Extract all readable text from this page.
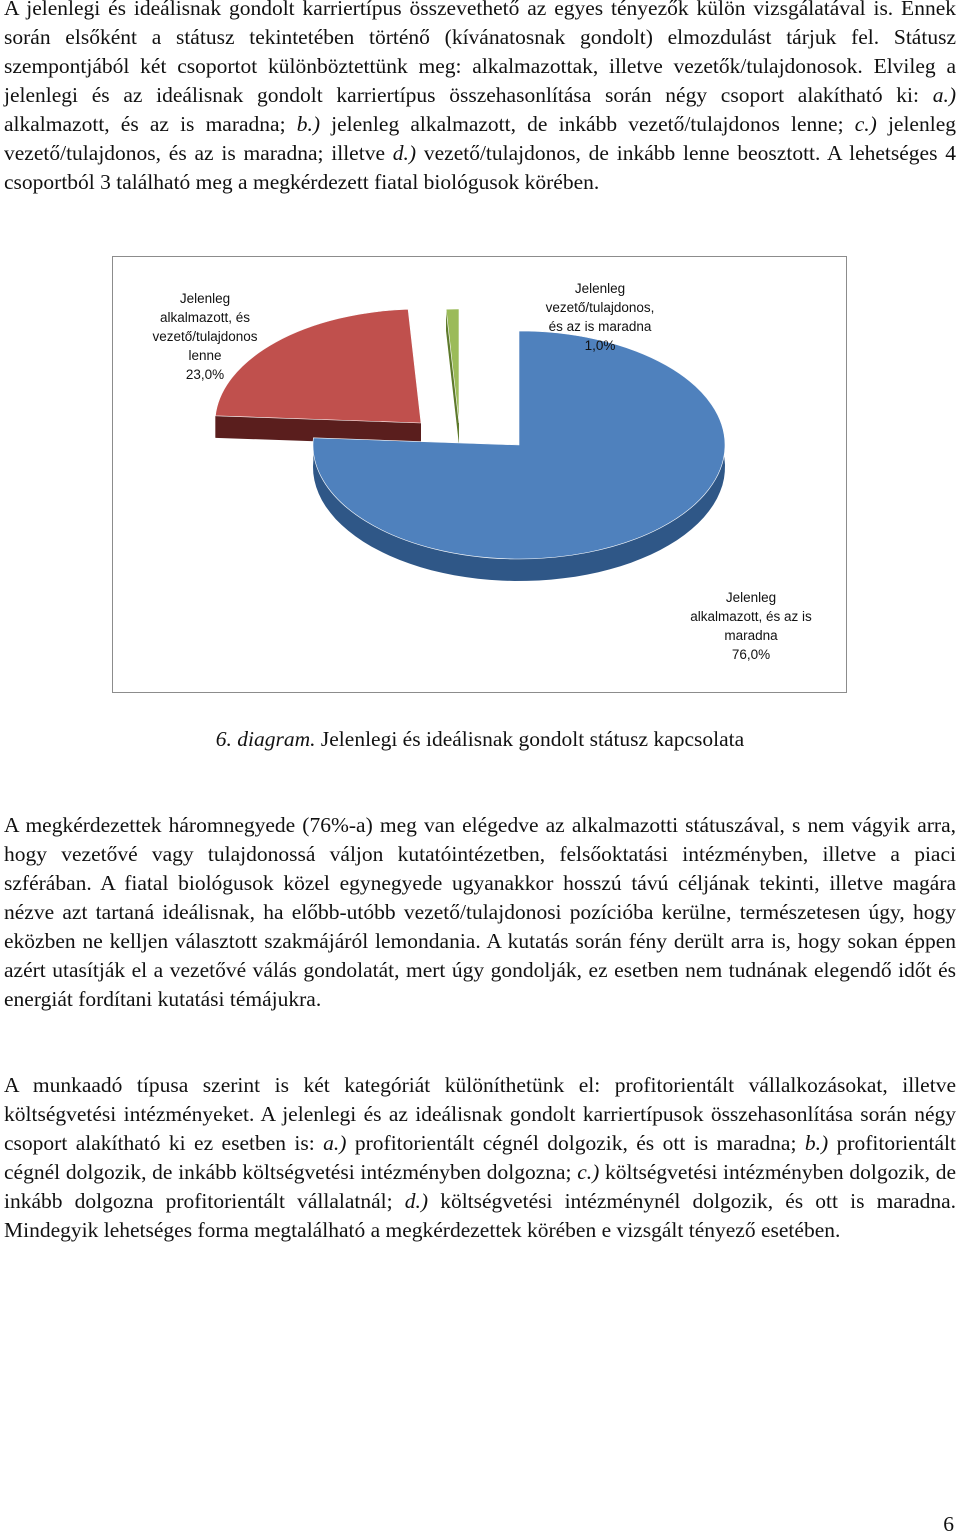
A jelenlegi és ideálisnak gondolt karriertípus összevethető az egyes tényezők külön vizsgálatával is. Ennek során elsőként a státusz tekintetében történő (kívánatosnak gondolt) elmozdulást tárjuk fel. Státusz szempontjából két csoportot különböztettünk meg: alkalmazottak, illetve vezetők/tulajdonosok. Elvileg a jelenlegi és az ideálisnak gondolt karriertípus összehasonlítása során négy csoport alakítható ki: a.) alkalmazott, és az is maradna; b.) jelenleg alkalmazott, de inkább vezető/tulajdonos lenne; c.) jelenleg vezető/tulajdonos, és az is maradna; illetve d.) vezető/tulajdonos, de inkább lenne beosztott. A lehetséges 4 csoportból 3 található meg a megkérdezett fiatal biológusok körében.

Jelenleg
alkalmazott, és az is
maradna
76,0%
Jelenleg
alkalmazott, és
vezető/tulajdonos
lenne
23,0%
Jelenleg
vezető/tulajdonos,
és az is maradna
1,0%
6. diagram. Jelenlegi és ideálisnak gondolt státusz kapcsolata

A megkérdezettek háromnegyede (76%-a) meg van elégedve az alkalmazotti státuszával, s nem vágyik arra, hogy vezetővé vagy tulajdonossá váljon kutatóintézetben, felsőoktatási intézményben, illetve a piaci szférában. A fiatal biológusok közel egynegyede ugyanakkor hosszú távú céljának tekinti, illetve magára nézve azt tartaná ideálisnak, ha előbb-utóbb vezető/tulajdonosi pozícióba kerülne, természetesen úgy, hogy eközben ne kelljen választott szakmájáról lemondania. A kutatás során fény derült arra is, hogy sokan éppen azért utasítják el a vezetővé válás gondolatát, mert úgy gondolják, ez esetben nem tudnának elegendő időt és energiát fordítani kutatási témájukra.

A munkaadó típusa szerint is két kategóriát különíthetünk el: profitorientált vállalkozásokat, illetve költségvetési intézményeket. A jelenlegi és az ideálisnak gondolt karriertípusok összehasonlítása során négy csoport alakítható ki ez esetben is: a.) profitorientált cégnél dolgozik, és ott is maradna; b.) profitorientált cégnél dolgozik, de inkább költségvetési intézményben dolgozna; c.) költségvetési intézményben dolgozik, de inkább dolgozna profitorientált vállalatnál; d.) költségvetési intézménynél dolgozik, és ott is maradna. Mindegyik lehetséges forma megtalálható a megkérdezettek körében e vizsgált tényező esetében.

6
